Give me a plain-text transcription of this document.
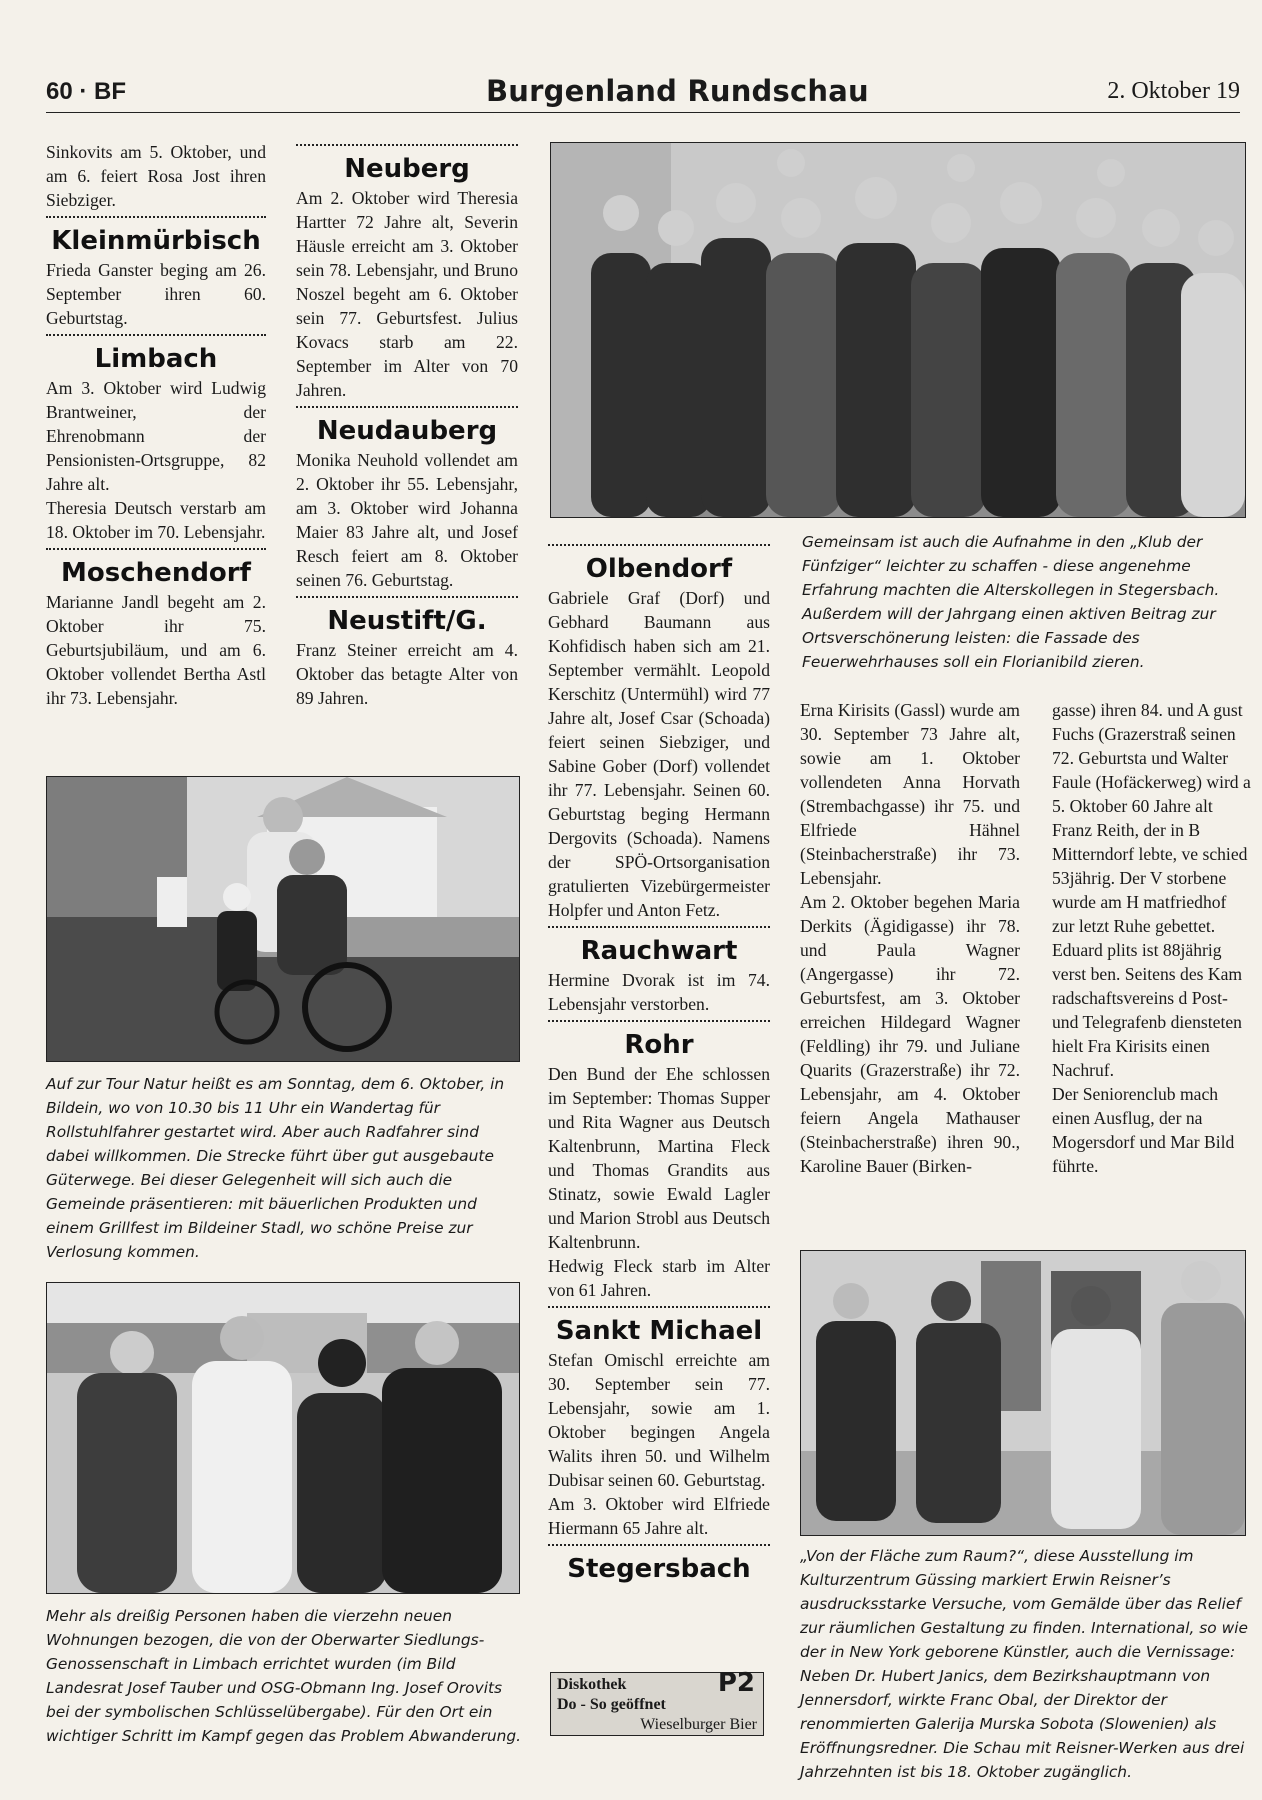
60 · BF	Burgenland Rundschau	2. Oktober 19

Sinkovits am 5. Oktober, und am 6. feiert Rosa Jost ihren Siebziger.

Kleinmürbisch

Frieda Ganster beging am 26. September ihren 60. Geburtstag.

Limbach

Am 3. Oktober wird Ludwig Brantweiner, der Ehrenobmann der Pensionisten-Ortsgruppe, 82 Jahre alt.

Theresia Deutsch verstarb am 18. Oktober im 70. Lebensjahr.

Moschendorf

Marianne Jandl begeht am 2. Oktober ihr 75. Geburtsjubiläum, und am 6. Oktober vollendet Bertha Astl ihr 73. Lebensjahr.

Neuberg

Am 2. Oktober wird Theresia Hartter 72 Jahre alt, Severin Häusle erreicht am 3. Oktober sein 78. Lebensjahr, und Bruno Noszel begeht am 6. Oktober sein 77. Geburtsfest. Julius Kovacs starb am 22. September im Alter von 70 Jahren.

Neudauberg

Monika Neuhold vollendet am 2. Oktober ihr 55. Lebensjahr, am 3. Oktober wird Johanna Maier 83 Jahre alt, und Josef Resch feiert am 8. Oktober seinen 76. Geburtstag.

Neustift/G.

Franz Steiner erreicht am 4. Oktober das betagte Alter von 89 Jahren.

Gemeinsam ist auch die Aufnahme in den „Klub der Fünfziger“ leichter zu schaffen - diese angenehme Erfahrung machten die Alterskollegen in Stegersbach. Außerdem will der Jahrgang einen aktiven Beitrag zur Ortsverschönerung leisten: die Fassade des Feuerwehrhauses soll ein Florianibild zieren.
Olbendorf

Gabriele Graf (Dorf) und Gebhard Baumann aus Kohfidisch haben sich am 21. September vermählt. Leopold Kerschitz (Untermühl) wird 77 Jahre alt, Josef Csar (Schoada) feiert seinen Siebziger, und Sabine Gober (Dorf) vollendet ihr 77. Lebensjahr. Seinen 60. Geburtstag beging Hermann Dergovits (Schoada). Namens der SPÖ-Ortsorganisation gratulierten Vizebürgermeister Holpfer und Anton Fetz.

Rauchwart

Hermine Dvorak ist im 74. Lebensjahr verstorben.

Rohr

Den Bund der Ehe schlossen im September: Thomas Supper und Rita Wagner aus Deutsch Kaltenbrunn, Martina Fleck und Thomas Grandits aus Stinatz, sowie Ewald Lagler und Marion Strobl aus Deutsch Kaltenbrunn.

Hedwig Fleck starb im Alter von 61 Jahren.

Sankt Michael

Stefan Omischl erreichte am 30. September sein 77. Lebensjahr, sowie am 1. Oktober begingen Angela Walits ihren 50. und Wilhelm Dubisar seinen 60. Geburtstag.

Am 3. Oktober wird Elfriede Hiermann 65 Jahre alt.

Stegersbach
Diskothek
Do - So geöffnet
Wieselburger Bier
P2

Erna Kirisits (Gassl) wurde am 30. September 73 Jahre alt, sowie am 1. Oktober vollendeten Anna Horvath (Strembachgasse) ihr 75. und Elfriede Hähnel (Steinbacherstraße) ihr 73. Lebensjahr.

Am 2. Oktober begehen Maria Derkits (Ägidigasse) ihr 78. und Paula Wagner (Angergasse) ihr 72. Geburtsfest, am 3. Oktober erreichen Hildegard Wagner (Feldling) ihr 79. und Juliane Quarits (Grazerstraße) ihr 72. Lebensjahr, am 4. Oktober feiern Angela Mathauser (Steinbacherstraße) ihren 90., Karoline Bauer (Birken-

gasse) ihren 84. und A gust Fuchs (Grazerstraß seinen 72. Geburtsta und Walter Faule (Hofäckerweg) wird a 5. Oktober 60 Jahre alt

Franz Reith, der in B Mitterndorf lebte, ve schied 53jährig. Der V storbene wurde am H matfriedhof zur letzt Ruhe gebettet. Eduard plits ist 88jährig verst ben. Seitens des Kam radschaftsvereins d Post- und Telegrafenb diensteten hielt Fra Kirisits einen Nachruf.

Der Seniorenclub mach einen Ausflug, der na Mogersdorf und Mar Bild führte.

Auf zur Tour Natur heißt es am Sonntag, dem 6. Oktober, in Bildein, wo von 10.30 bis 11 Uhr ein Wandertag für Rollstuhlfahrer gestartet wird. Aber auch Radfahrer sind dabei willkommen. Die Strecke führt über gut ausgebaute Güterwege. Bei dieser Gelegenheit will sich auch die Gemeinde präsentieren: mit bäuerlichen Produkten und einem Grillfest im Bildeiner Stadl, wo schöne Preise zur Verlosung kommen.
Mehr als dreißig Personen haben die vierzehn neuen Wohnungen bezogen, die von der Oberwarter Siedlungs-Genossenschaft in Limbach errichtet wurden (im Bild Landesrat Josef Tauber und OSG-Obmann Ing. Josef Orovits bei der symbolischen Schlüsselübergabe). Für den Ort ein wichtiger Schritt im Kampf gegen das Problem Abwanderung.
„Von der Fläche zum Raum?“, diese Ausstellung im Kulturzentrum Güssing markiert Erwin Reisner’s ausdrucksstarke Versuche, vom Gemälde über das Relief zur räumlichen Gestaltung zu finden. International, so wie der in New York geborene Künstler, auch die Vernissage: Neben Dr. Hubert Janics, dem Bezirkshauptmann von Jennersdorf, wirkte Franc Obal, der Direktor der renommierten Galerija Murska Sobota (Slowenien) als Eröffnungsredner. Die Schau mit Reisner-Werken aus drei Jahrzehnten ist bis 18. Oktober zugänglich.
